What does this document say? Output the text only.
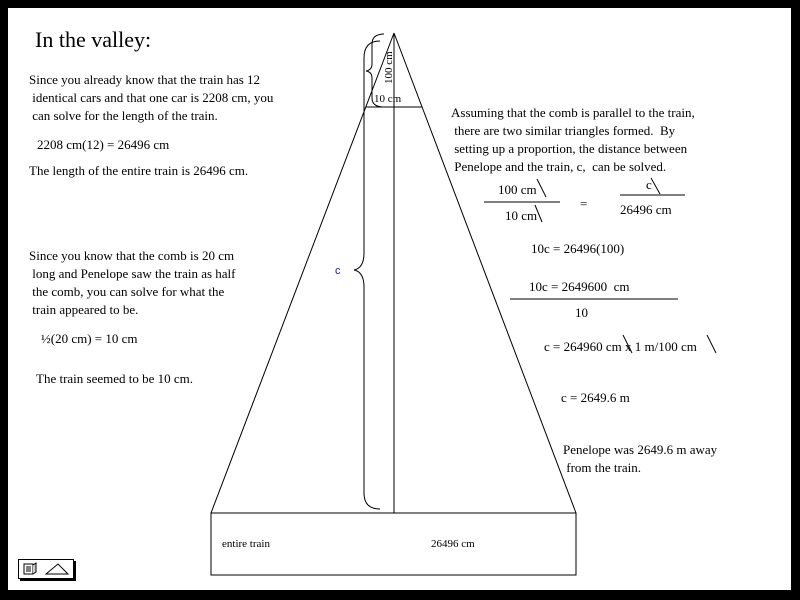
100 cm
10 cm
c
entire train	26496 cm
In the valley:
Since you already know that the train has 12
identical cars and that one car is 2208 cm, you
can solve for the length of the train.
2208 cm(12) = 26496 cm
The length of the entire train is 26496 cm.
Since you know that the comb is 20 cm
long and Penelope saw the train as half
the comb, you can solve for what the
train appeared to be.
½(20 cm) = 10 cm
The train seemed to be 10 cm.
Assuming that the comb is parallel to the train,
there are two similar triangles formed.  By
setting up a proportion, the distance between
Penelope and the train, c,  can be solved.
100 cm
10 cm
=
c
26496 cm
10c = 26496(100)
10c = 2649600  cm
10
c = 264960 cm x 1 m/100 cm
c = 2649.6 m
Penelope was 2649.6 m away
from the train.
